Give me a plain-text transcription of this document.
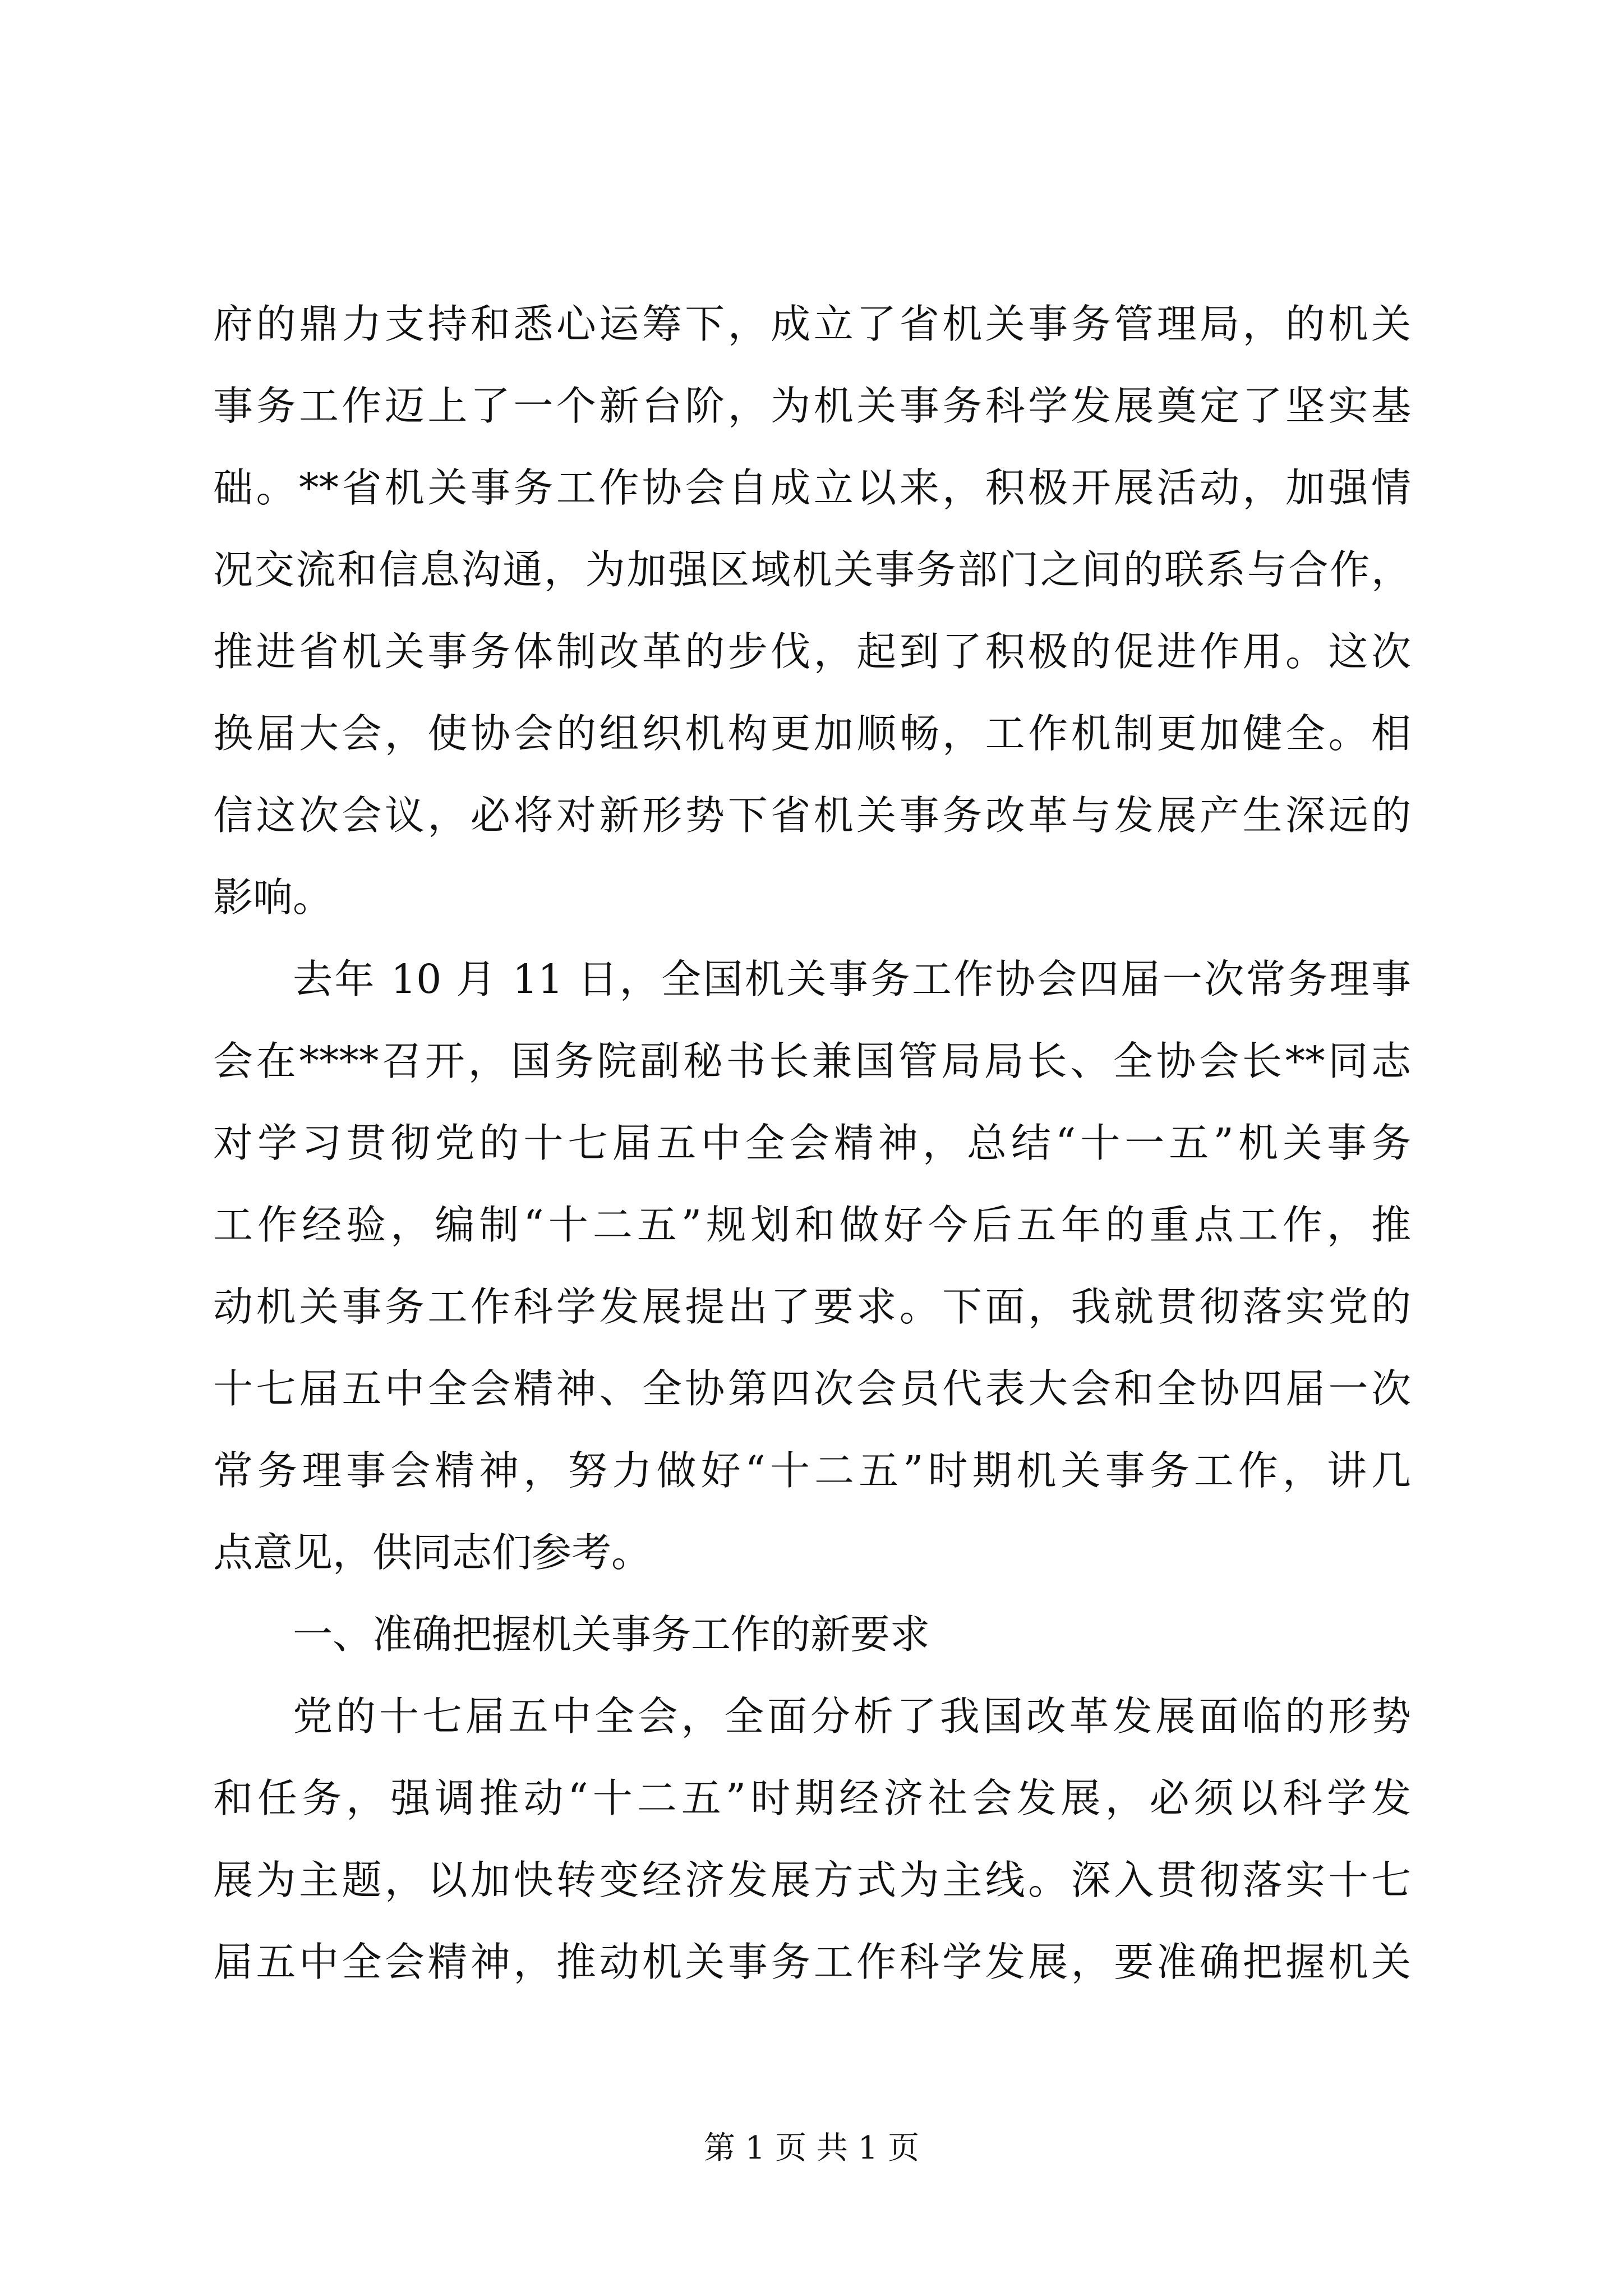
府的鼎力支持和悉心运筹下，成立了省机关事务管理局，的机关
事务工作迈上了一个新台阶，为机关事务科学发展奠定了坚实基
础。**省机关事务工作协会自成立以来，积极开展活动，加强情
况交流和信息沟通，为加强区域机关事务部门之间的联系与合作，
推进省机关事务体制改革的步伐，起到了积极的促进作用。这次
换届大会，使协会的组织机构更加顺畅，工作机制更加健全。相
信这次会议，必将对新形势下省机关事务改革与发展产生深远的
影响。
去年 10 月 11 日，全国机关事务工作协会四届一次常务理事
会在****召开，国务院副秘书长兼国管局局长、全协会长**同志
对学习贯彻党的十七届五中全会精神，总结“十一五”机关事务
工作经验，编制“十二五”规划和做好今后五年的重点工作，推
动机关事务工作科学发展提出了要求。下面，我就贯彻落实党的
十七届五中全会精神、全协第四次会员代表大会和全协四届一次
常务理事会精神，努力做好“十二五”时期机关事务工作，讲几
点意见，供同志们参考。
一、准确把握机关事务工作的新要求
党的十七届五中全会，全面分析了我国改革发展面临的形势
和任务，强调推动“十二五”时期经济社会发展，必须以科学发
展为主题，以加快转变经济发展方式为主线。深入贯彻落实十七
届五中全会精神，推动机关事务工作科学发展，要准确把握机关
第 1 页 共 1 页
